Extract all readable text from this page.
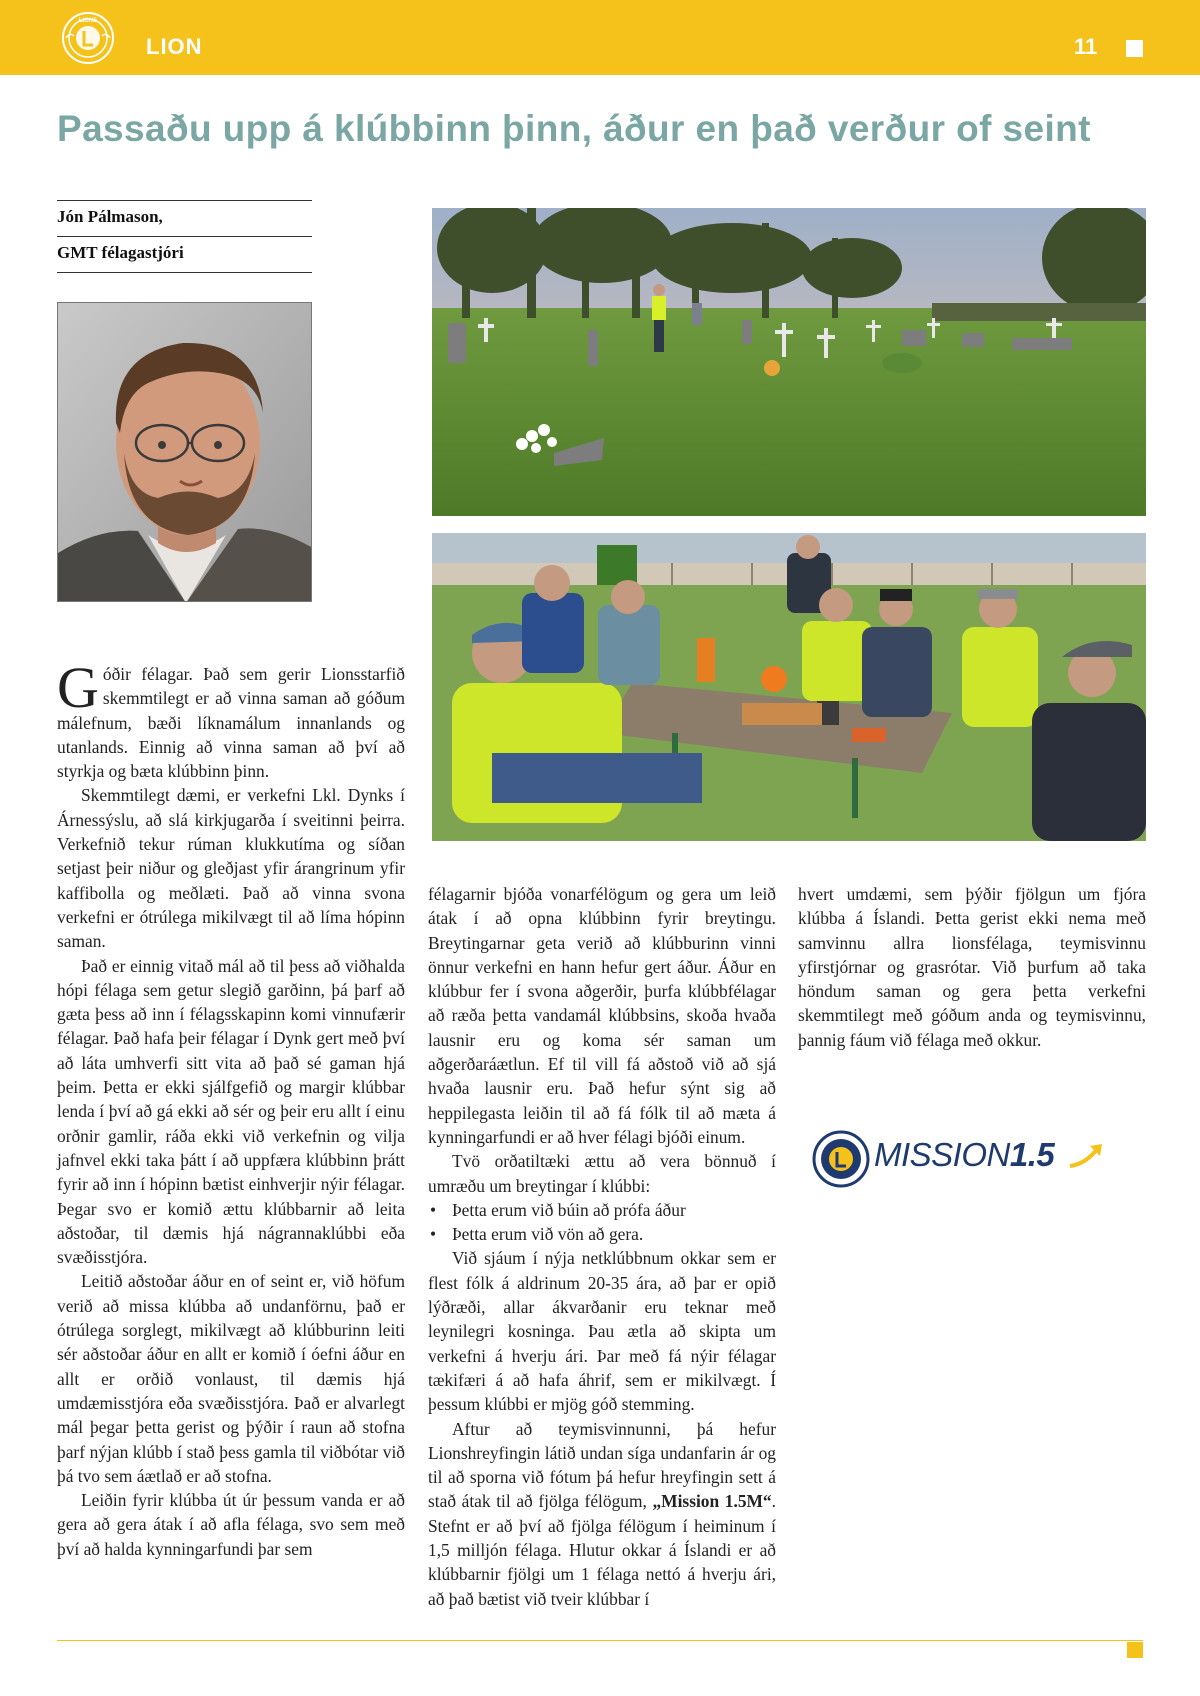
LIONS
LION	11
Passaðu upp á klúbbinn þinn, áður en það verður of seint
Jón Pálmason,
GMT félagastjóri

Góðir félagar. Það sem gerir Lionsstarfið skemmtilegt er að vinna saman að góðum málefnum, bæði líknamálum innanlands og utanlands. Einnig að vinna saman að því að styrkja og bæta klúbbinn þinn.

Skemmtilegt dæmi, er verkefni Lkl. Dynks í Árnessýslu, að slá kirkjugarða í sveitinni þeirra. Verkefnið tekur rúman klukkutíma og síðan setjast þeir niður og gleðjast yfir árangrinum yfir kaffibolla og meðlæti. Það að vinna svona verkefni er ótrúlega mikilvægt til að líma hópinn saman.

Það er einnig vitað mál að til þess að viðhalda hópi félaga sem getur slegið garðinn, þá þarf að gæta þess að inn í félagsskapinn komi vinnufærir félagar. Það hafa þeir félagar í Dynk gert með því að láta umhverfi sitt vita að það sé gaman hjá þeim. Þetta er ekki sjálfgefið og margir klúbbar lenda í því að gá ekki að sér og þeir eru allt í einu orðnir gamlir, ráða ekki við verkefnin og vilja jafnvel ekki taka þátt í að uppfæra klúbbinn þrátt fyrir að inn í hópinn bætist einhverjir nýir félagar. Þegar svo er komið ættu klúbbarnir að leita aðstoðar, til dæmis hjá nágrannaklúbbi eða svæðisstjóra.

Leitið aðstoðar áður en of seint er, við höfum verið að missa klúbba að undanförnu, það er ótrúlega sorglegt, mikilvægt að klúbburinn leiti sér aðstoðar áður en allt er komið í óefni áður en allt er orðið vonlaust, til dæmis hjá umdæmisstjóra eða svæðisstjóra. Það er alvarlegt mál þegar þetta gerist og þýðir í raun að stofna þarf nýjan klúbb í stað þess gamla til viðbótar við þá tvo sem áætlað er að stofna.

Leiðin fyrir klúbba út úr þessum vanda er að gera að gera átak í að afla félaga, svo sem með því að halda kynningarfundi þar sem

félagarnir bjóða vonarfélögum og gera um leið átak í að opna klúbbinn fyrir breytingu. Breytingarnar geta verið að klúbburinn vinni önnur verkefni en hann hefur gert áður. Áður en klúbbur fer í svona aðgerðir, þurfa klúbbfélagar að ræða þetta vandamál klúbbsins, skoða hvaða lausnir eru og koma sér saman um aðgerðaráætlun. Ef til vill fá aðstoð við að sjá hvaða lausnir eru. Það hefur sýnt sig að heppilegasta leiðin til að fá fólk til að mæta á kynningarfundi er að hver félagi bjóði einum.

Tvö orðatiltæki ættu að vera bönnuð í umræðu um breytingar í klúbbi:

• Þetta erum við búin að prófa áður
• Þetta erum við vön að gera.

Við sjáum í nýja netklúbbnum okkar sem er flest fólk á aldrinum 20-35 ára, að þar er opið lýðræði, allar ákvarðanir eru teknar með leynilegri kosninga. Þau ætla að skipta um verkefni á hverju ári. Þar með fá nýir félagar tækifæri á að hafa áhrif, sem er mikilvægt. Í þessum klúbbi er mjög góð stemming.

Aftur að teymisvinnunni, þá hefur Lionshreyfingin látið undan síga undanfarin ár og til að sporna við fótum þá hefur hreyfingin sett á stað átak til að fjölga félögum, „Mission 1.5M“. Stefnt er að því að fjölga félögum í heiminum í 1,5 milljón félaga. Hlutur okkar á Íslandi er að klúbbarnir fjölgi um 1 félaga nettó á hverju ári, að það bætist við tveir klúbbar í

hvert umdæmi, sem þýðir fjölgun um fjóra klúbba á Íslandi. Þetta gerist ekki nema með samvinnu allra lionsfélaga, teymisvinnu yfirstjórnar og grasrótar. Við þurfum að taka höndum saman og gera þetta verkefni skemmtilegt með góðum anda og teymisvinnu, þannig fáum við félaga með okkur.

MISSION1.5
